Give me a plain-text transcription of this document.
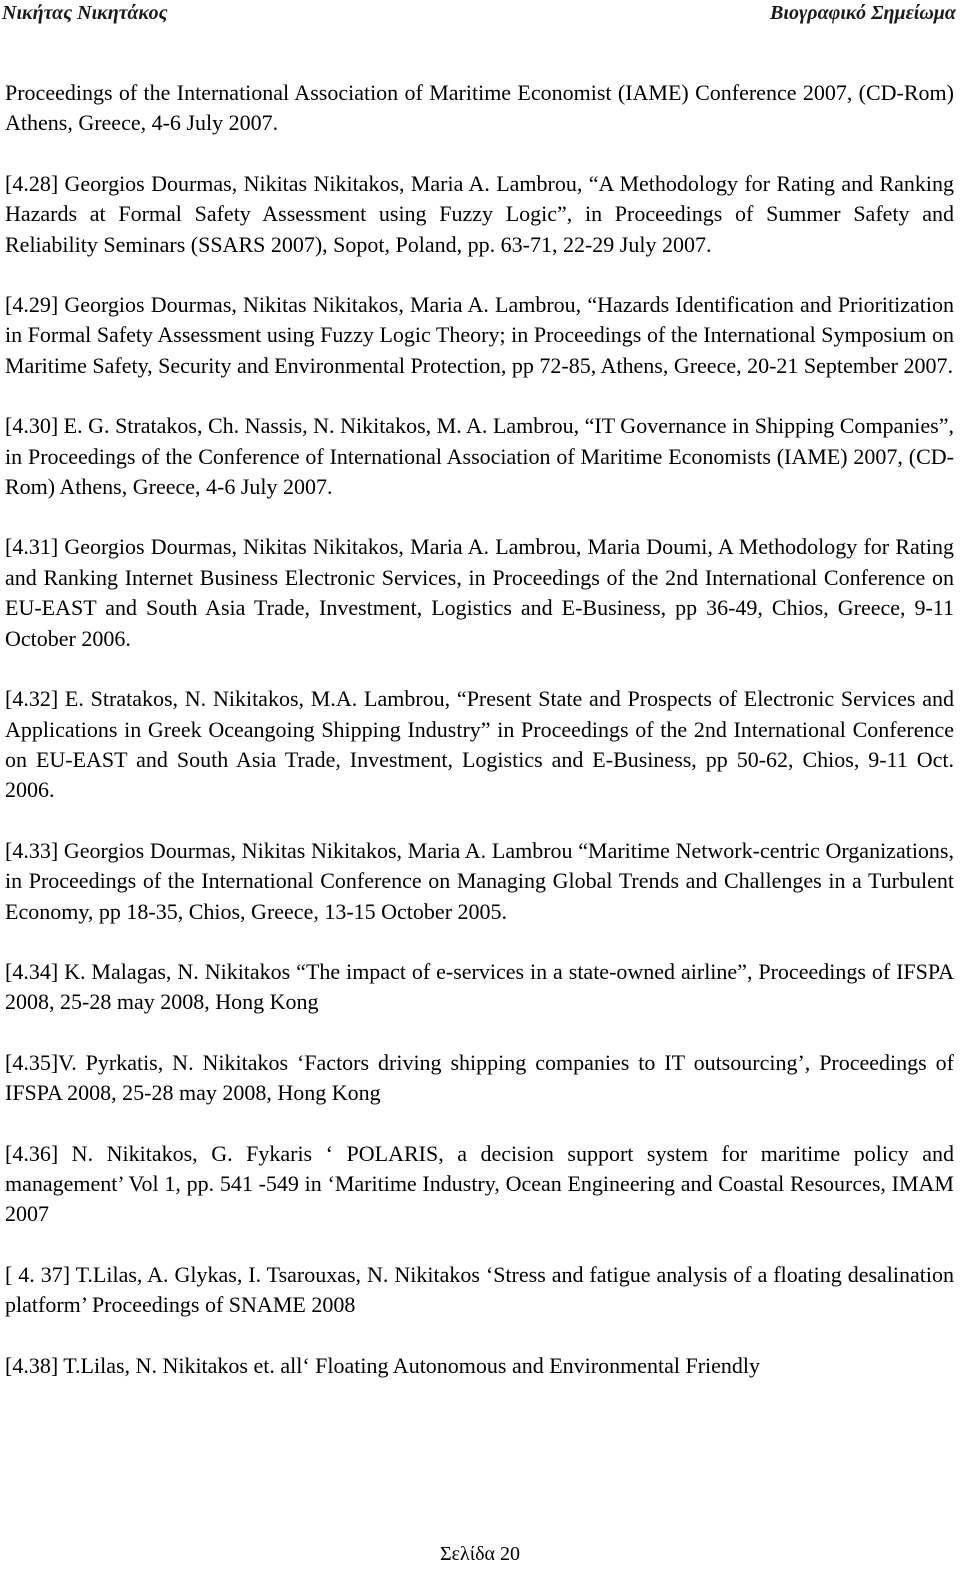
Νικήτας Νικητάκος	Βιογραφικό Σημείωμα

Proceedings of the International Association of Maritime Economist (IAME) Conference 2007, (CD-Rom) Athens, Greece, 4-6 July 2007.

[4.28] Georgios Dourmas, Nikitas Nikitakos, Maria A. Lambrou, “A Methodology for Rating and Ranking Hazards at Formal Safety Assessment using Fuzzy Logic”, in Proceedings of Summer Safety and Reliability Seminars (SSARS 2007), Sopot, Poland, pp. 63-71, 22-29 July 2007.

[4.29] Georgios Dourmas, Nikitas Nikitakos, Maria A. Lambrou, “Hazards Identification and Prioritization in Formal Safety Assessment using Fuzzy Logic Theory; in Proceedings of the International Symposium on Maritime Safety, Security and Environmental Protection, pp 72-85, Athens, Greece, 20-21 September 2007.

[4.30] E. G. Stratakos, Ch. Nassis, N. Nikitakos, M. A. Lambrou, “IT Governance in Shipping Companies”, in Proceedings of the Conference of International Association of Maritime Economists (IAME) 2007, (CD-Rom) Athens, Greece, 4-6 July 2007.

[4.31] Georgios Dourmas, Nikitas Nikitakos, Maria A. Lambrou, Maria Doumi, A Methodology for Rating and Ranking Internet Business Electronic Services, in Proceedings of the 2nd International Conference on EU-EAST and South Asia Trade, Investment, Logistics and E-Business, pp 36-49, Chios, Greece, 9-11 October 2006.

[4.32] E. Stratakos, N. Nikitakos, M.A. Lambrou, “Present State and Prospects of Electronic Services and Applications in Greek Oceangoing Shipping Industry” in Proceedings of the 2nd International Conference on EU-EAST and South Asia Trade, Investment, Logistics and E-Business, pp 50-62, Chios, 9-11 Oct. 2006.

[4.33] Georgios Dourmas, Nikitas Nikitakos, Maria A. Lambrou “Maritime Network-centric Organizations, in Proceedings of the International Conference on Managing Global Trends and Challenges in a Turbulent Economy, pp 18-35, Chios, Greece, 13-15 October 2005.

[4.34] K. Malagas, N. Nikitakos “The impact of e-services in a state-owned airline”, Proceedings of IFSPA 2008, 25-28 may 2008, Hong Kong

[4.35]V. Pyrkatis, N. Nikitakos ‘Factors driving shipping companies to IT outsourcing’, Proceedings of IFSPA 2008, 25-28 may 2008, Hong Kong

[4.36] N. Nikitakos, G. Fykaris ‘ POLARIS, a decision support system for maritime policy and management’ Vol 1, pp. 541 -549 in ‘Maritime Industry, Ocean Engineering and Coastal Resources, IMAM 2007

[ 4. 37] T.Lilas, A. Glykas, I. Tsarouxas, N. Nikitakos ‘Stress and fatigue analysis of a floating desalination platform’ Proceedings of SNAME 2008

[4.38] T.Lilas, N. Nikitakos et. all‘ Floating Autonomous and Environmental Friendly

Σελίδα 20
